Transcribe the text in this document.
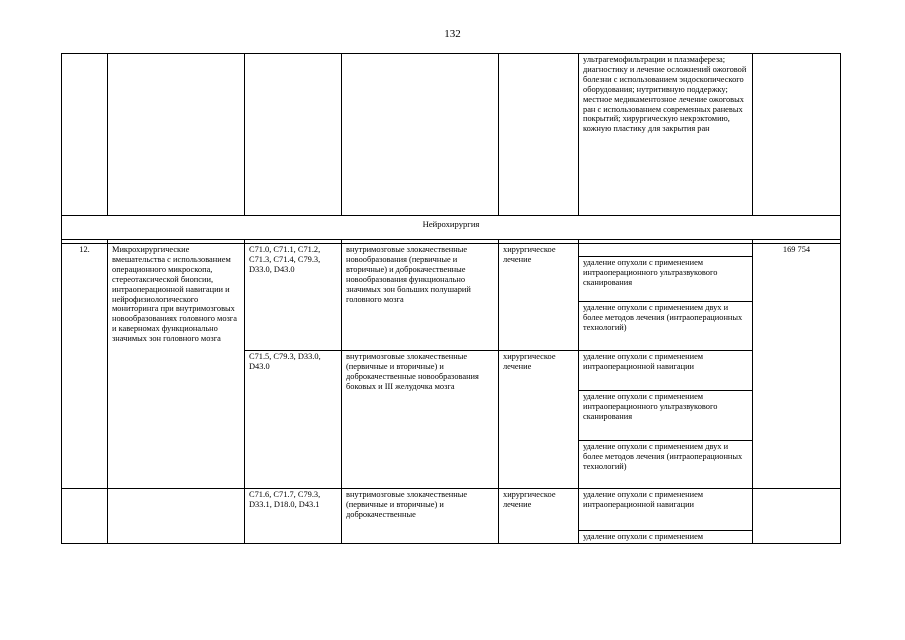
132
					ультрагемофильтрации и плазмафереза; диагностику и лечение осложнений ожоговой болезни с использованием эндоскопического оборудования; нутритивную поддержку; местное медикаментозное лечение ожоговых ран с использованием современных раневых покрытий; хирургическую некрэктомию, кожную пластику для закрытия ран	
Нейрохирургия						

12.	Микрохирургические вмешательства с использованием операционного микроскопа, стереотаксической биопсии, интраоперационной навигации и нейрофизиологического мониторинга при внутримозговых новообразованиях головного мозга и каверномах функционально значимых зон головного мозга	C71.0, C71.1, C71.2, C71.3, C71.4, C79.3, D33.0, D43.0	внутримозговые злокачественные новообразования (первичные и вторичные) и доброкачественные новообразования функционально значимых зон больших полушарий головного мозга	хирургическое лечение		169 754
					удаление опухоли с применением интраоперационного ультразвукового сканирования	
					удаление опухоли с применением двух и более методов лечения (интраоперационных технологий)	
		C71.5, C79.3, D33.0, D43.0	внутримозговые злокачественные (первичные и вторичные) и доброкачественные новообразования боковых и III желудочка мозга	хирургическое лечение	удаление опухоли с применением интраоперационной навигации	
					удаление опухоли с применением интраоперационного ультразвукового сканирования	
					удаление опухоли с применением двух и более методов лечения (интраоперационных технологий)	
		C71.6, C71.7, C79.3, D33.1, D18.0, D43.1	внутримозговые злокачественные (первичные и вторичные) и доброкачественные	хирургическое лечение	удаление опухоли с применением интраоперационной навигации	
					удаление опухоли с применением	
